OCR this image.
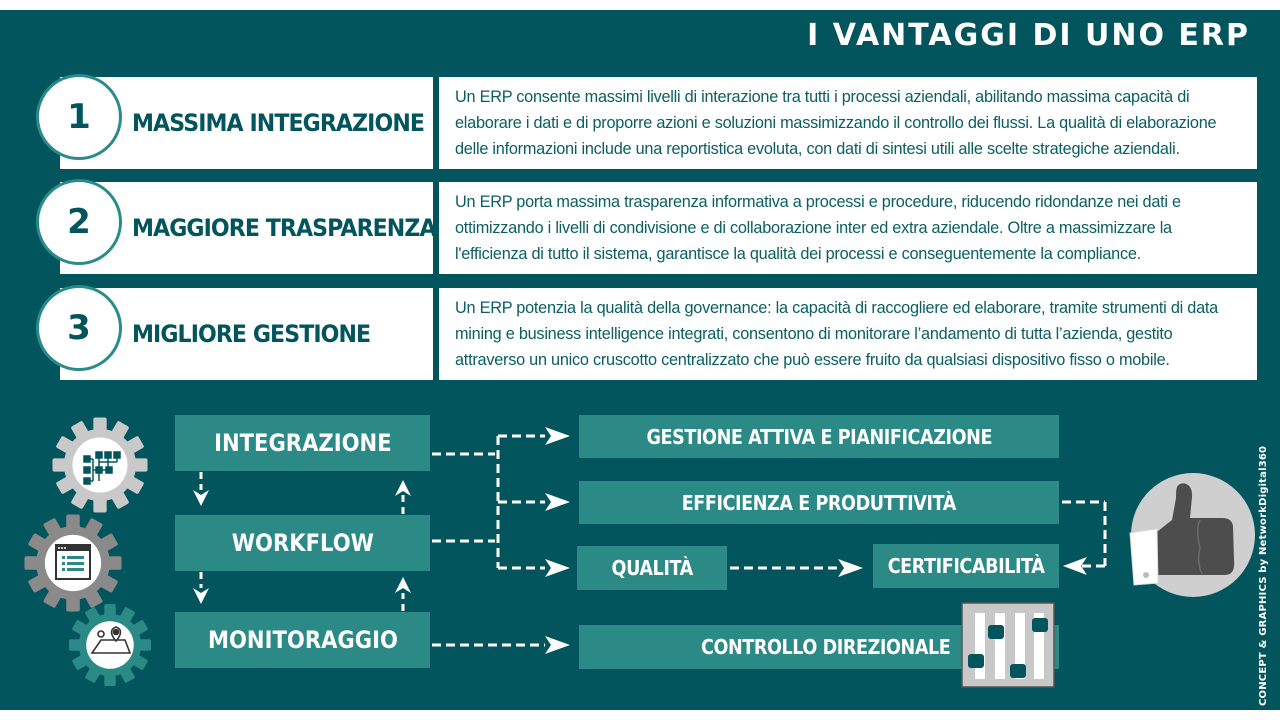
I VANTAGGI DI UNO ERP
1	MASSIMA INTEGRAZIONE
Un ERP consente massimi livelli di interazione tra tutti i processi aziendali, abilitando massima capacità di elaborare i dati e di proporre azioni e soluzioni massimizzando il controllo dei flussi. La qualità di elaborazione delle informazioni include una reportistica evoluta, con dati di sintesi utili alle scelte strategiche aziendali.
2	MAGGIORE TRASPARENZA
Un ERP porta massima trasparenza informativa a processi e procedure, riducendo ridondanze nei dati e ottimizzando i livelli di condivisione e di collaborazione inter ed extra aziendale. Oltre a massimizzare la l'efficienza di tutto il sistema, garantisce la qualità dei processi e conseguentemente la compliance.
3	MIGLIORE GESTIONE
Un ERP potenzia la qualità della governance: la capacità di raccogliere ed elaborare, tramite strumenti di data mining e business intelligence integrati, consentono di monitorare l’andamento di tutta l’azienda, gestito attraverso un unico cruscotto centralizzato che può essere fruito da qualsiasi dispositivo fisso o mobile.
INTEGRAZIONE
WORKFLOW
MONITORAGGIO
GESTIONE ATTIVA E PIANIFICAZIONE
EFFICIENZA E PRODUTTIVITÀ
QUALITÀ	CERTIFICABILITÀ
CONTROLLO DIREZIONALE	CONCEPT & GRAPHICS by NetworkDigital360
